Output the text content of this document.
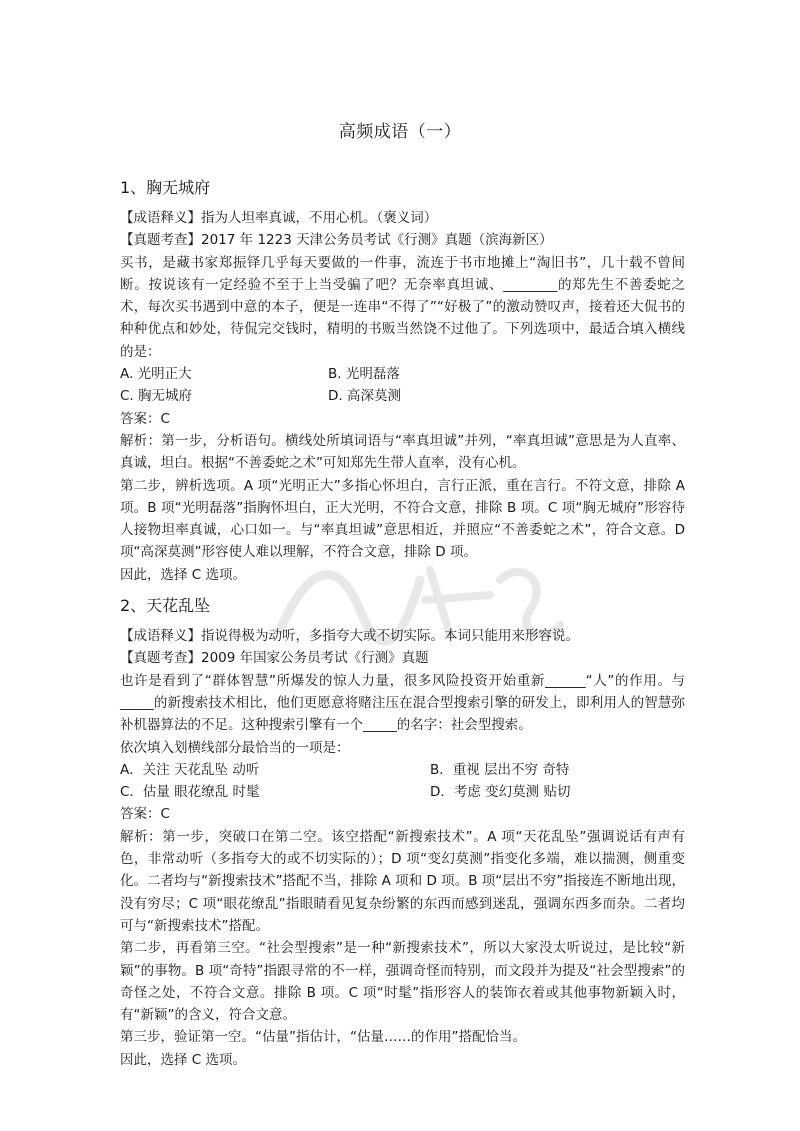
高频成语（一）

1、胸无城府

【成语释义】指为人坦率真诚，不用心机。（褒义词）

【真题考查】2017 年 1223 天津公务员考试《行测》真题（滨海新区）

买书，是藏书家郑振铎几乎每天要做的一件事，流连于书市地摊上“淘旧书”，几十载不曾间断。按说该有一定经验不至于上当受骗了吧？无奈率真坦诚、________的郑先生不善委蛇之术，每次买书遇到中意的本子，便是一连串“不得了”“好极了”的激动赞叹声，接着还大侃书的种种优点和妙处，待侃完交钱时，精明的书贩当然饶不过他了。下列选项中，最适合填入横线的是：

A. 光明正大	B. 光明磊落
C. 胸无城府	D. 高深莫测

答案：C

解析：第一步，分析语句。横线处所填词语与“率真坦诚”并列，“率真坦诚”意思是为人直率、真诚，坦白。根据“不善委蛇之术”可知郑先生带人直率，没有心机。

第二步，辨析选项。A 项“光明正大”多指心怀坦白，言行正派，重在言行。不符文意，排除 A 项。B 项“光明磊落”指胸怀坦白，正大光明，不符合文意，排除 B 项。C 项“胸无城府”形容待人接物坦率真诚，心口如一。与“率真坦诚”意思相近，并照应“不善委蛇之术”，符合文意。D 项“高深莫测”形容使人难以理解，不符合文意，排除 D 项。

因此，选择 C 选项。

2、天花乱坠

【成语释义】指说得极为动听，多指夸大或不切实际。本词只能用来形容说。

【真题考查】2009 年国家公务员考试《行测》真题

也许是看到了“群体智慧”所爆发的惊人力量，很多风险投资开始重新______“人”的作用。与_____的新搜索技术相比，他们更愿意将赌注压在混合型搜索引擎的研发上，即利用人的智慧弥补机器算法的不足。这种搜索引擎有一个_____的名字：社会型搜索。

依次填入划横线部分最恰当的一项是：

A．关注 天花乱坠 动听	B．重视 层出不穷 奇特
C．估量 眼花缭乱 时髦	D．考虑 变幻莫测 贴切

答案：C

解析：第一步，突破口在第二空。该空搭配“新搜索技术”。A 项“天花乱坠”强调说话有声有色，非常动听（多指夸大的或不切实际的）；D 项“变幻莫测”指变化多端，难以揣测，侧重变化。二者均与“新搜索技术”搭配不当，排除 A 项和 D 项。B 项“层出不穷”指接连不断地出现，没有穷尽；C 项“眼花缭乱”指眼睛看见复杂纷繁的东西而感到迷乱，强调东西多而杂。二者均可与“新搜索技术”搭配。

第二步，再看第三空。“社会型搜索”是一种“新搜索技术”，所以大家没太听说过，是比较“新颖”的事物。B 项“奇特”指跟寻常的不一样，强调奇怪而特别，而文段并为提及“社会型搜索”的奇怪之处，不符合文意。排除 B 项。C 项“时髦”指形容人的装饰衣着或其他事物新颖入时，有“新颖”的含义，符合文意。

第三步，验证第一空。“估量”指估计，“估量……的作用”搭配恰当。

因此，选择 C 选项。
